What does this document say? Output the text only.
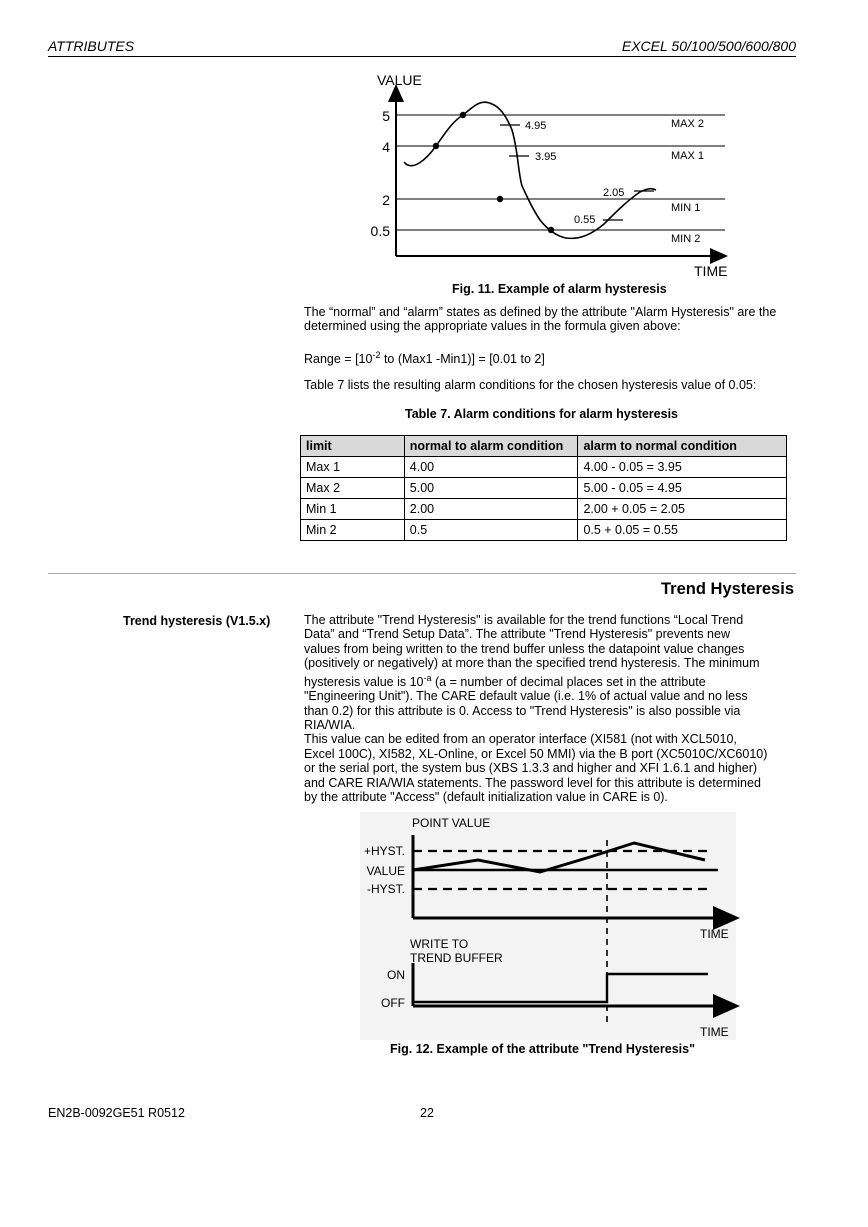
ATTRIBUTES	EXCEL 50/100/500/600/800
VALUE
TIME
5
4
2
0.5
MAX 2
MAX 1
MIN 1
MIN 2
4.95
3.95
2.05
0.55
Fig. 11. Example of alarm hysteresis
The “normal” and “alarm” states as defined by the attribute "Alarm Hysteresis" are the determined using the appropriate values in the formula given above:
Range = [$10^{-2}$ to (Max1 -Min1)] = [0.01 to 2]
Table 7 lists the resulting alarm conditions for the chosen hysteresis value of 0.05:
Table 7. Alarm conditions for alarm hysteresis
limit	normal to alarm condition	alarm to normal condition
Max 1	4.00	4.00 - 0.05 = 3.95
Max 2	5.00	5.00 - 0.05 = 4.95
Min 1	2.00	2.00 + 0.05 = 2.05
Min 2	0.5	0.5 + 0.05 = 0.55
Trend Hysteresis
Trend hysteresis (V1.5.x)	The attribute "Trend Hysteresis" is available for the trend functions “Local Trend
Data” and “Trend Setup Data”. The attribute "Trend Hysteresis" prevents new
values from being written to the trend buffer unless the datapoint value changes
(positively or negatively) at more than the specified trend hysteresis. The minimum
hysteresis value is $10^{-a}$ (a = number of decimal places set in the attribute
"Engineering Unit"). The CARE default value (i.e. 1% of actual value and no less
than 0.2) for this attribute is 0. Access to "Trend Hysteresis" is also possible via
RIA/WIA.
This value can be edited from an operator interface (XI581 (not with XCL5010,
Excel 100C), XI582, XL-Online, or Excel 50 MMI) via the B port (XC5010C/XC6010)
or the serial port, the system bus (XBS 1.3.3 and higher and XFI 1.6.1 and higher)
and CARE RIA/WIA statements. The password level for this attribute is determined
by the attribute "Access" (default initialization value in CARE is 0).
POINT VALUE
+HYST.
VALUE
-HYST.
TIME
WRITE TO
TREND BUFFER
ON
OFF
TIME
Fig. 12. Example of the attribute "Trend Hysteresis"
EN2B-0092GE51 R0512	22
